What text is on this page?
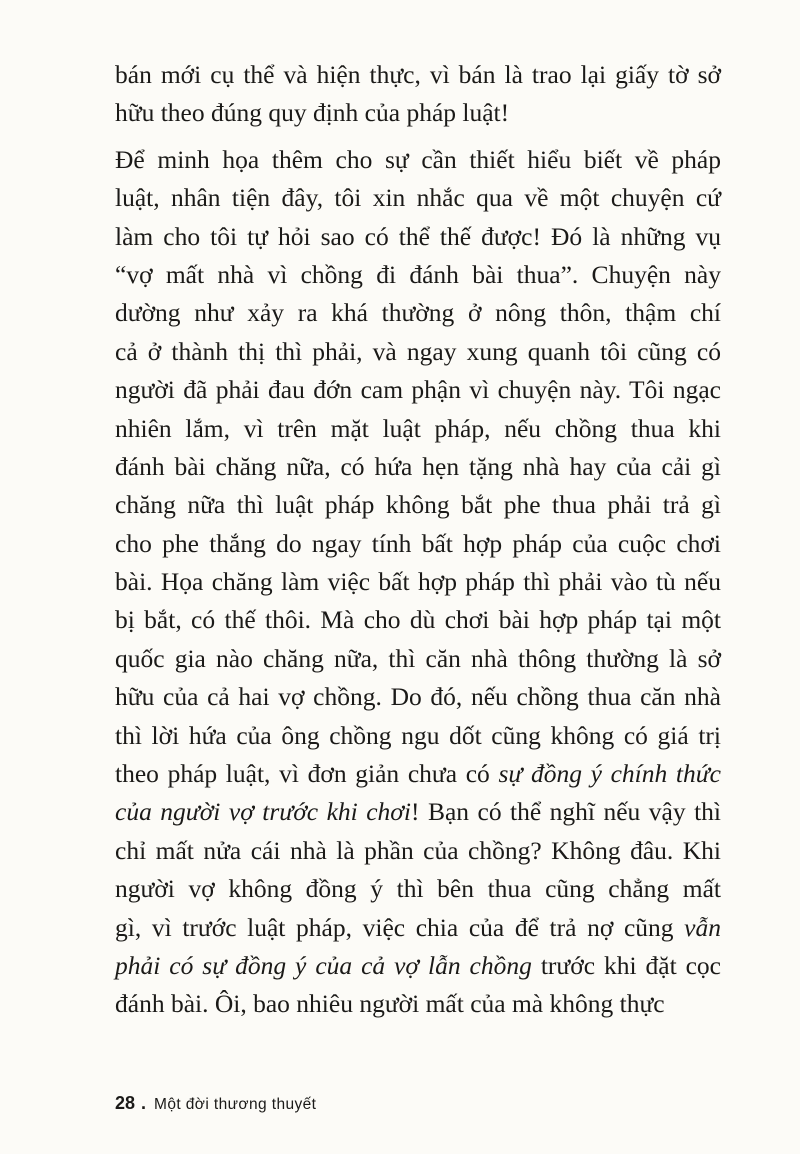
bán mới cụ thể và hiện thực, vì bán là trao lại giấy tờ sở
hữu theo đúng quy định của pháp luật!
Để minh họa thêm cho sự cần thiết hiểu biết về pháp
luật, nhân tiện đây, tôi xin nhắc qua về một chuyện cứ
làm cho tôi tự hỏi sao có thể thế được! Đó là những vụ
“vợ mất nhà vì chồng đi đánh bài thua”. Chuyện này
dường như xảy ra khá thường ở nông thôn, thậm chí
cả ở thành thị thì phải, và ngay xung quanh tôi cũng có
người đã phải đau đớn cam phận vì chuyện này. Tôi ngạc
nhiên lắm, vì trên mặt luật pháp, nếu chồng thua khi
đánh bài chăng nữa, có hứa hẹn tặng nhà hay của cải gì
chăng nữa thì luật pháp không bắt phe thua phải trả gì
cho phe thắng do ngay tính bất hợp pháp của cuộc chơi
bài. Họa chăng làm việc bất hợp pháp thì phải vào tù nếu
bị bắt, có thế thôi. Mà cho dù chơi bài hợp pháp tại một
quốc gia nào chăng nữa, thì căn nhà thông thường là sở
hữu của cả hai vợ chồng. Do đó, nếu chồng thua căn nhà
thì lời hứa của ông chồng ngu dốt cũng không có giá trị
theo pháp luật, vì đơn giản chưa có sự đồng ý chính thức
của người vợ trước khi chơi! Bạn có thể nghĩ nếu vậy thì
chỉ mất nửa cái nhà là phần của chồng? Không đâu. Khi
người vợ không đồng ý thì bên thua cũng chẳng mất
gì, vì trước luật pháp, việc chia của để trả nợ cũng vẫn
phải có sự đồng ý của cả vợ lẫn chồng trước khi đặt cọc
đánh bài. Ôi, bao nhiêu người mất của mà không thực
28 . Một đời thương thuyết
